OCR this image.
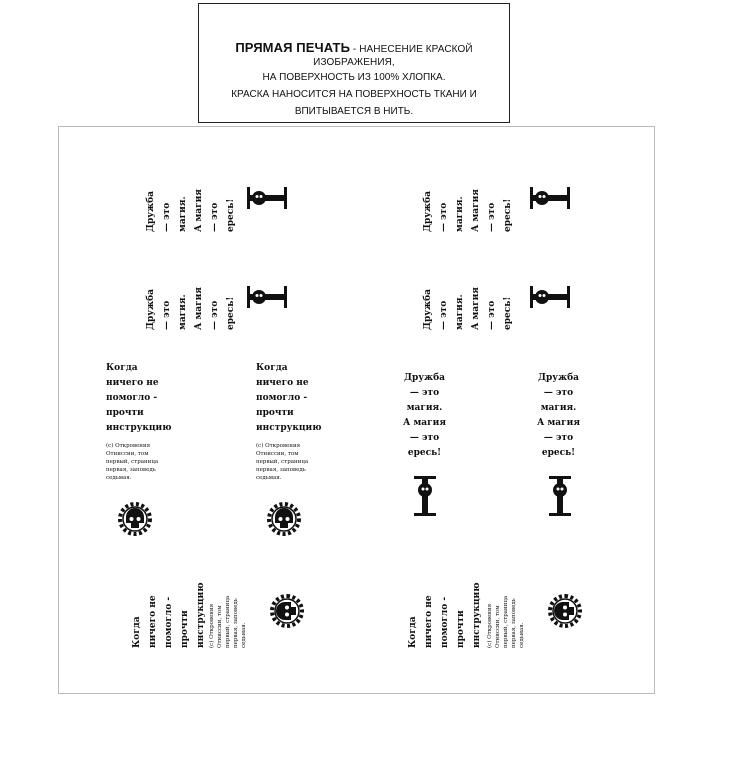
ПРЯМАЯ ПЕЧАТЬ - НАНЕСЕНИЕ КРАСКОЙ ИЗОБРАЖЕНИЯ,
НА ПОВЕРХНОСТЬ ИЗ 100% ХЛОПКА.
КРАСКА НАНОСИТСЯ НА ПОВЕРХНОСТЬ ТКАНИ И ВПИТЫВАЕТСЯ В НИТЬ.
Дружба — это магия. А магия — это ересь!	Дружба — это магия. А магия — это ересь!
Дружба — это магия. А магия — это ересь!	Дружба — это магия. А магия — это ересь!
Когда
ничего не
помогло -
прочти
инструкцию
(с) Откровения
Отниссии, том
первый, страница
первая, заповедь
седьмая.
Когда
ничего не
помогло -
прочти
инструкцию
(с) Откровения
Отниссии, том
первый, страница
первая, заповедь
седьмая.
Дружба
— это
магия.
А магия
— это
ересь!
Дружба
— это
магия.
А магия
— это
ересь!
Когда ничего не помогло - прочти инструкцию (с) Откровения Отниссии, том первый, страница первая, заповедь седьмая.	Когда ничего не помогло - прочти инструкцию (с) Откровения Отниссии, том первый, страница первая, заповедь седьмая.
